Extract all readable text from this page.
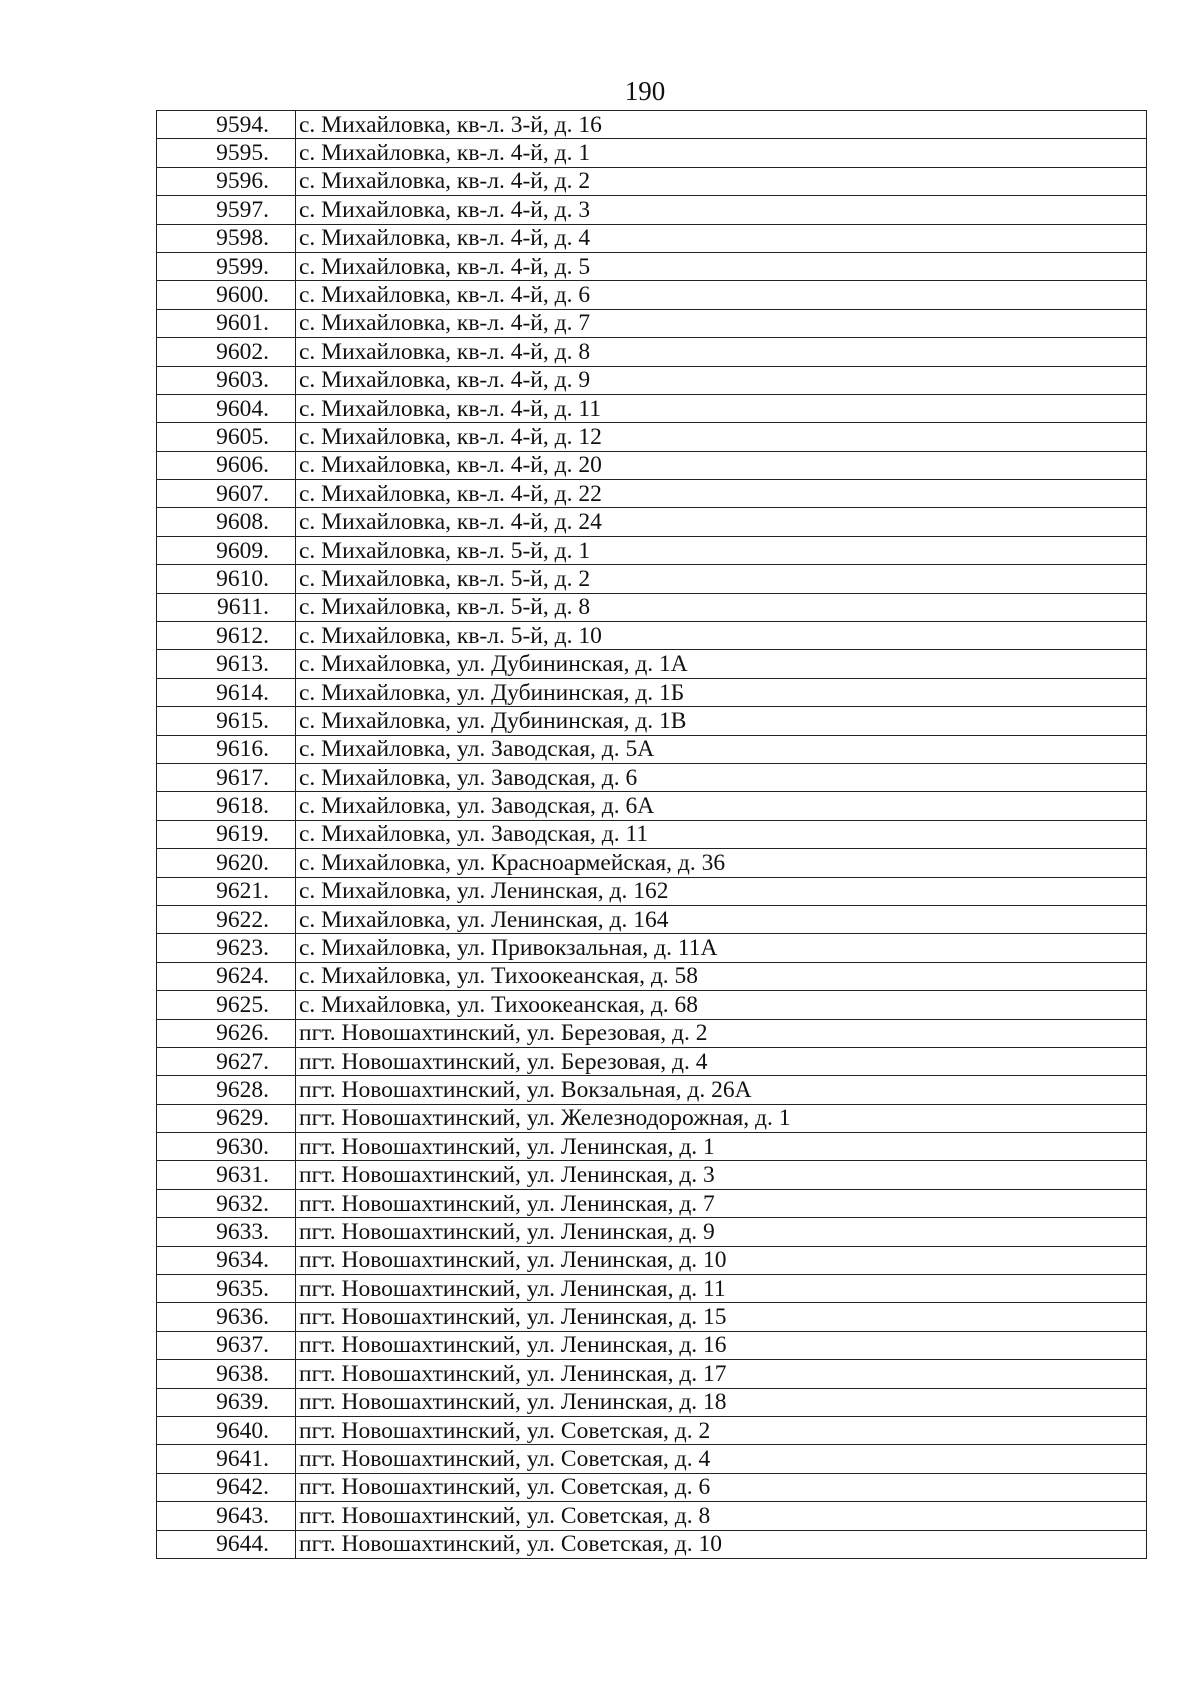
190
9594.	с. Михайловка, кв-л. 3-й, д. 16
9595.	с. Михайловка, кв-л. 4-й, д. 1
9596.	с. Михайловка, кв-л. 4-й, д. 2
9597.	с. Михайловка, кв-л. 4-й, д. 3
9598.	с. Михайловка, кв-л. 4-й, д. 4
9599.	с. Михайловка, кв-л. 4-й, д. 5
9600.	с. Михайловка, кв-л. 4-й, д. 6
9601.	с. Михайловка, кв-л. 4-й, д. 7
9602.	с. Михайловка, кв-л. 4-й, д. 8
9603.	с. Михайловка, кв-л. 4-й, д. 9
9604.	с. Михайловка, кв-л. 4-й, д. 11
9605.	с. Михайловка, кв-л. 4-й, д. 12
9606.	с. Михайловка, кв-л. 4-й, д. 20
9607.	с. Михайловка, кв-л. 4-й, д. 22
9608.	с. Михайловка, кв-л. 4-й, д. 24
9609.	с. Михайловка, кв-л. 5-й, д. 1
9610.	с. Михайловка, кв-л. 5-й, д. 2
9611.	с. Михайловка, кв-л. 5-й, д. 8
9612.	с. Михайловка, кв-л. 5-й, д. 10
9613.	с. Михайловка, ул. Дубининская, д. 1А
9614.	с. Михайловка, ул. Дубининская, д. 1Б
9615.	с. Михайловка, ул. Дубининская, д. 1В
9616.	с. Михайловка, ул. Заводская, д. 5А
9617.	с. Михайловка, ул. Заводская, д. 6
9618.	с. Михайловка, ул. Заводская, д. 6А
9619.	с. Михайловка, ул. Заводская, д. 11
9620.	с. Михайловка, ул. Красноармейская, д. 36
9621.	с. Михайловка, ул. Ленинская, д. 162
9622.	с. Михайловка, ул. Ленинская, д. 164
9623.	с. Михайловка, ул. Привокзальная, д. 11А
9624.	с. Михайловка, ул. Тихоокеанская, д. 58
9625.	с. Михайловка, ул. Тихоокеанская, д. 68
9626.	пгт. Новошахтинский, ул. Березовая, д. 2
9627.	пгт. Новошахтинский, ул. Березовая, д. 4
9628.	пгт. Новошахтинский, ул. Вокзальная, д. 26А
9629.	пгт. Новошахтинский, ул. Железнодорожная, д. 1
9630.	пгт. Новошахтинский, ул. Ленинская, д. 1
9631.	пгт. Новошахтинский, ул. Ленинская, д. 3
9632.	пгт. Новошахтинский, ул. Ленинская, д. 7
9633.	пгт. Новошахтинский, ул. Ленинская, д. 9
9634.	пгт. Новошахтинский, ул. Ленинская, д. 10
9635.	пгт. Новошахтинский, ул. Ленинская, д. 11
9636.	пгт. Новошахтинский, ул. Ленинская, д. 15
9637.	пгт. Новошахтинский, ул. Ленинская, д. 16
9638.	пгт. Новошахтинский, ул. Ленинская, д. 17
9639.	пгт. Новошахтинский, ул. Ленинская, д. 18
9640.	пгт. Новошахтинский, ул. Советская, д. 2
9641.	пгт. Новошахтинский, ул. Советская, д. 4
9642.	пгт. Новошахтинский, ул. Советская, д. 6
9643.	пгт. Новошахтинский, ул. Советская, д. 8
9644.	пгт. Новошахтинский, ул. Советская, д. 10
